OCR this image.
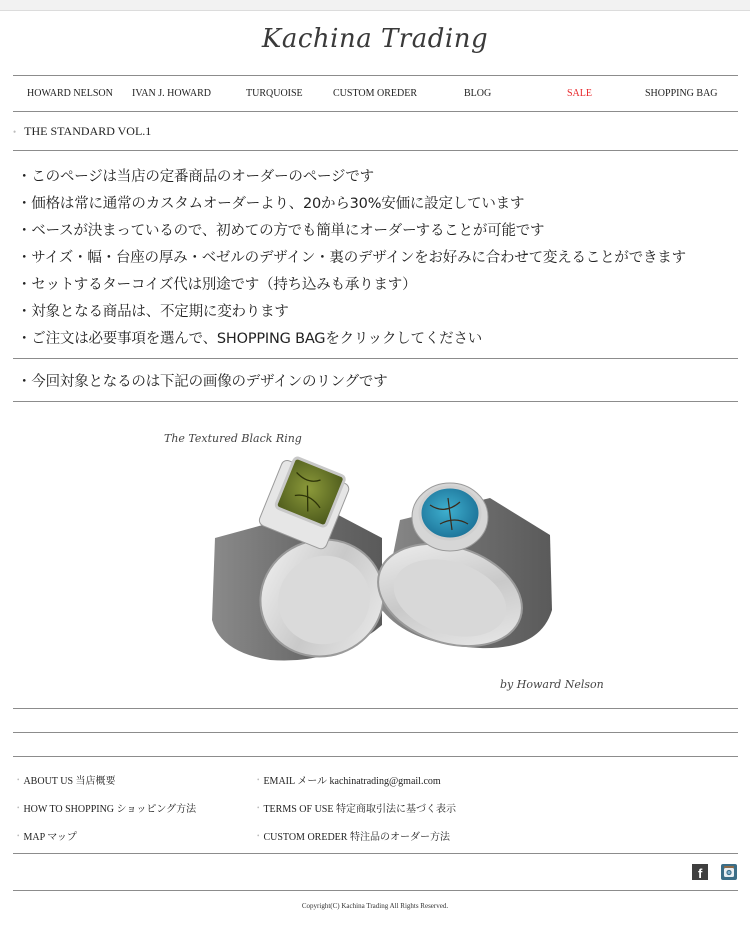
Kachina Trading
HOWARD NELSON IVAN J. HOWARD	TURQUOISE	CUSTOM OREDER	BLOG	SALE	SHOPPING BAG
• THE STANDARD VOL.1
・このページは当店の定番商品のオーダーのページです
・価格は常に通常のカスタムオーダーより、20から30%安価に設定しています
・ベースが決まっているので、初めての方でも簡単にオーダーすることが可能です
・サイズ・幅・台座の厚み・ベゼルのデザイン・裏のデザインをお好みに合わせて変えることができます
・セットするターコイズ代は別途です（持ち込みも承ります）
・対象となる商品は、不定期に変わります
・ご注文は必要事項を選んで、SHOPPING BAGをクリックしてください
・今回対象となるのは下記の画像のデザインのリングです
The Textured Black Ring
by Howard Nelson
• ABOUT US 当店概要
• HOW TO SHOPPING ショッピング方法
• MAP マップ
• EMAIL メール kachinatrading@gmail.com
• TERMS OF USE 特定商取引法に基づく表示
• CUSTOM OREDER 特注品のオーダー方法
f
Copyright(C) Kachina Trading All Rights Reserved.
